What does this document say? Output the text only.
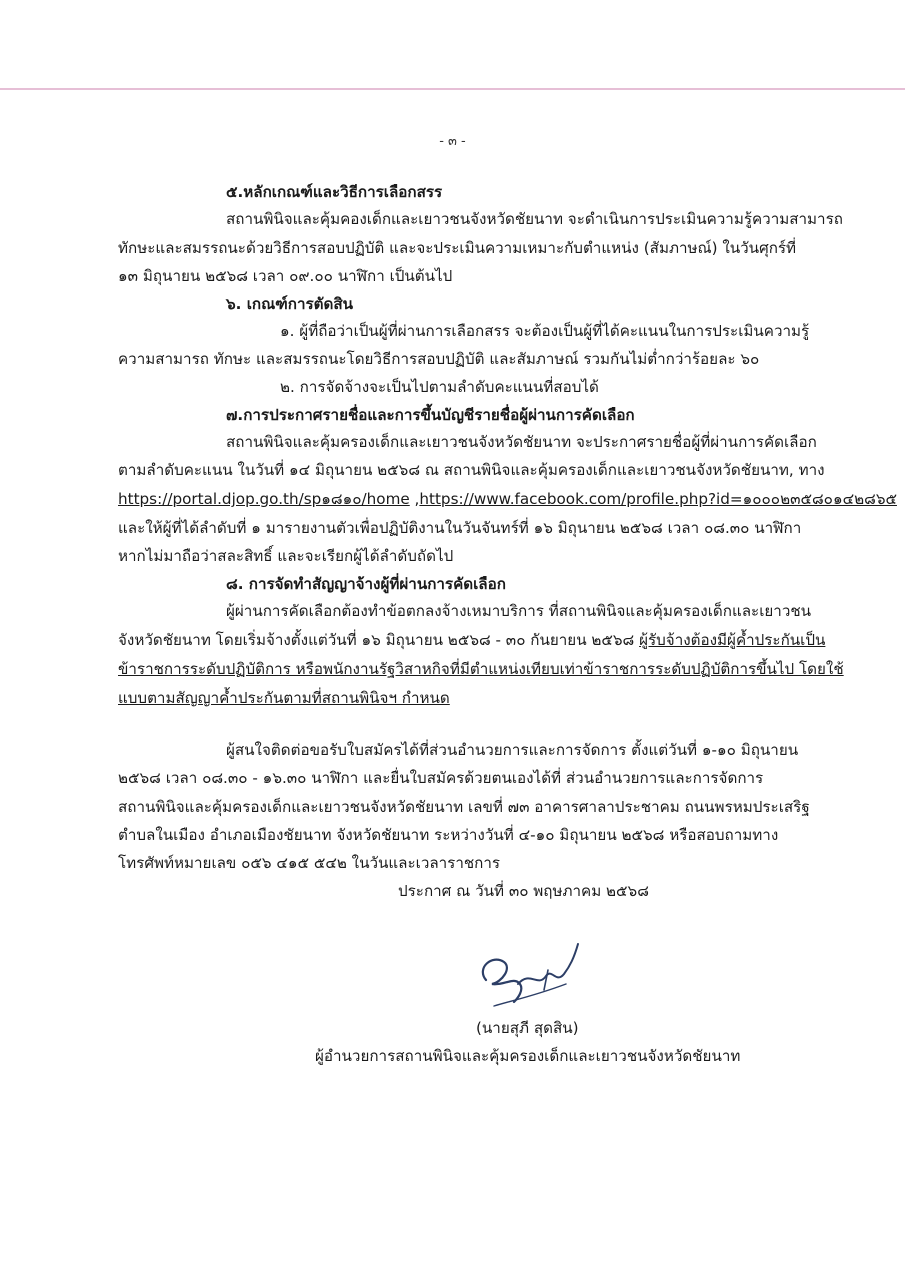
- ๓ -
๕.หลักเกณฑ์และวิธีการเลือกสรร
สถานพินิจและคุ้มคองเด็กและเยาวชนจังหวัดชัยนาท จะดำเนินการประเมินความรู้ความสามารถ
ทักษะและสมรรถนะด้วยวิธีการสอบปฏิบัติ และจะประเมินความเหมาะกับตำแหน่ง (สัมภาษณ์) ในวันศุกร์ที่
๑๓ มิถุนายน ๒๕๖๘ เวลา ๐๙.๐๐ นาฬิกา เป็นต้นไป
๖. เกณฑ์การตัดสิน
๑. ผู้ที่ถือว่าเป็นผู้ที่ผ่านการเลือกสรร จะต้องเป็นผู้ที่ได้คะแนนในการประเมินความรู้
ความสามารถ ทักษะ และสมรรถนะโดยวิธีการสอบปฏิบัติ และสัมภาษณ์ รวมกันไม่ต่ำกว่าร้อยละ ๖๐
๒. การจัดจ้างจะเป็นไปตามลำดับคะแนนที่สอบได้
๗.การประกาศรายชื่อและการขึ้นบัญชีรายชื่อผู้ผ่านการคัดเลือก
สถานพินิจและคุ้มครองเด็กและเยาวชนจังหวัดชัยนาท จะประกาศรายชื่อผู้ที่ผ่านการคัดเลือก
ตามลำดับคะแนน ในวันที่ ๑๔ มิถุนายน ๒๕๖๘ ณ สถานพินิจและคุ้มครองเด็กและเยาวชนจังหวัดชัยนาท, ทาง
https://portal.djop.go.th/sp๑๘๑๐/home ,https://www.facebook.com/profile.php?id=๑๐๐๐๒๓๕๘๐๑๔๒๘๖๕
และให้ผู้ที่ได้ลำดับที่ ๑ มารายงานตัวเพื่อปฏิบัติงานในวันจันทร์ที่ ๑๖ มิถุนายน ๒๕๖๘ เวลา ๐๘.๓๐ นาฬิกา
หากไม่มาถือว่าสละสิทธิ์ และจะเรียกผู้ได้ลำดับถัดไป
๘. การจัดทำสัญญาจ้างผู้ที่ผ่านการคัดเลือก
ผู้ผ่านการคัดเลือกต้องทำข้อตกลงจ้างเหมาบริการ ที่สถานพินิจและคุ้มครองเด็กและเยาวชน
จังหวัดชัยนาท โดยเริ่มจ้างตั้งแต่วันที่ ๑๖ มิถุนายน ๒๕๖๘ - ๓๐ กันยายน ๒๕๖๘ ผู้รับจ้างต้องมีผู้ค้ำประกันเป็น
ข้าราชการระดับปฏิบัติการ หรือพนักงานรัฐวิสาหกิจที่มีตำแหน่งเทียบเท่าข้าราชการระดับปฏิบัติการขึ้นไป โดยใช้
แบบตามสัญญาค้ำประกันตามที่สถานพินิจฯ กำหนด
ผู้สนใจติดต่อขอรับใบสมัครได้ที่ส่วนอำนวยการและการจัดการ ตั้งแต่วันที่ ๑-๑๐ มิถุนายน
๒๕๖๘ เวลา ๐๘.๓๐ - ๑๖.๓๐ นาฬิกา และยื่นใบสมัครด้วยตนเองได้ที่ ส่วนอำนวยการและการจัดการ
สถานพินิจและคุ้มครองเด็กและเยาวชนจังหวัดชัยนาท เลขที่ ๗๓ อาคารศาลาประชาคม ถนนพรหมประเสริฐ
ตำบลในเมือง อำเภอเมืองชัยนาท จังหวัดชัยนาท ระหว่างวันที่ ๔-๑๐ มิถุนายน ๒๕๖๘ หรือสอบถามทาง
โทรศัพท์หมายเลข ๐๕๖ ๔๑๕ ๕๔๒ ในวันและเวลาราชการ
ประกาศ ณ วันที่ ๓๐ พฤษภาคม ๒๕๖๘
(นายสุภี สุดสิน)
ผู้อำนวยการสถานพินิจและคุ้มครองเด็กและเยาวชนจังหวัดชัยนาท
